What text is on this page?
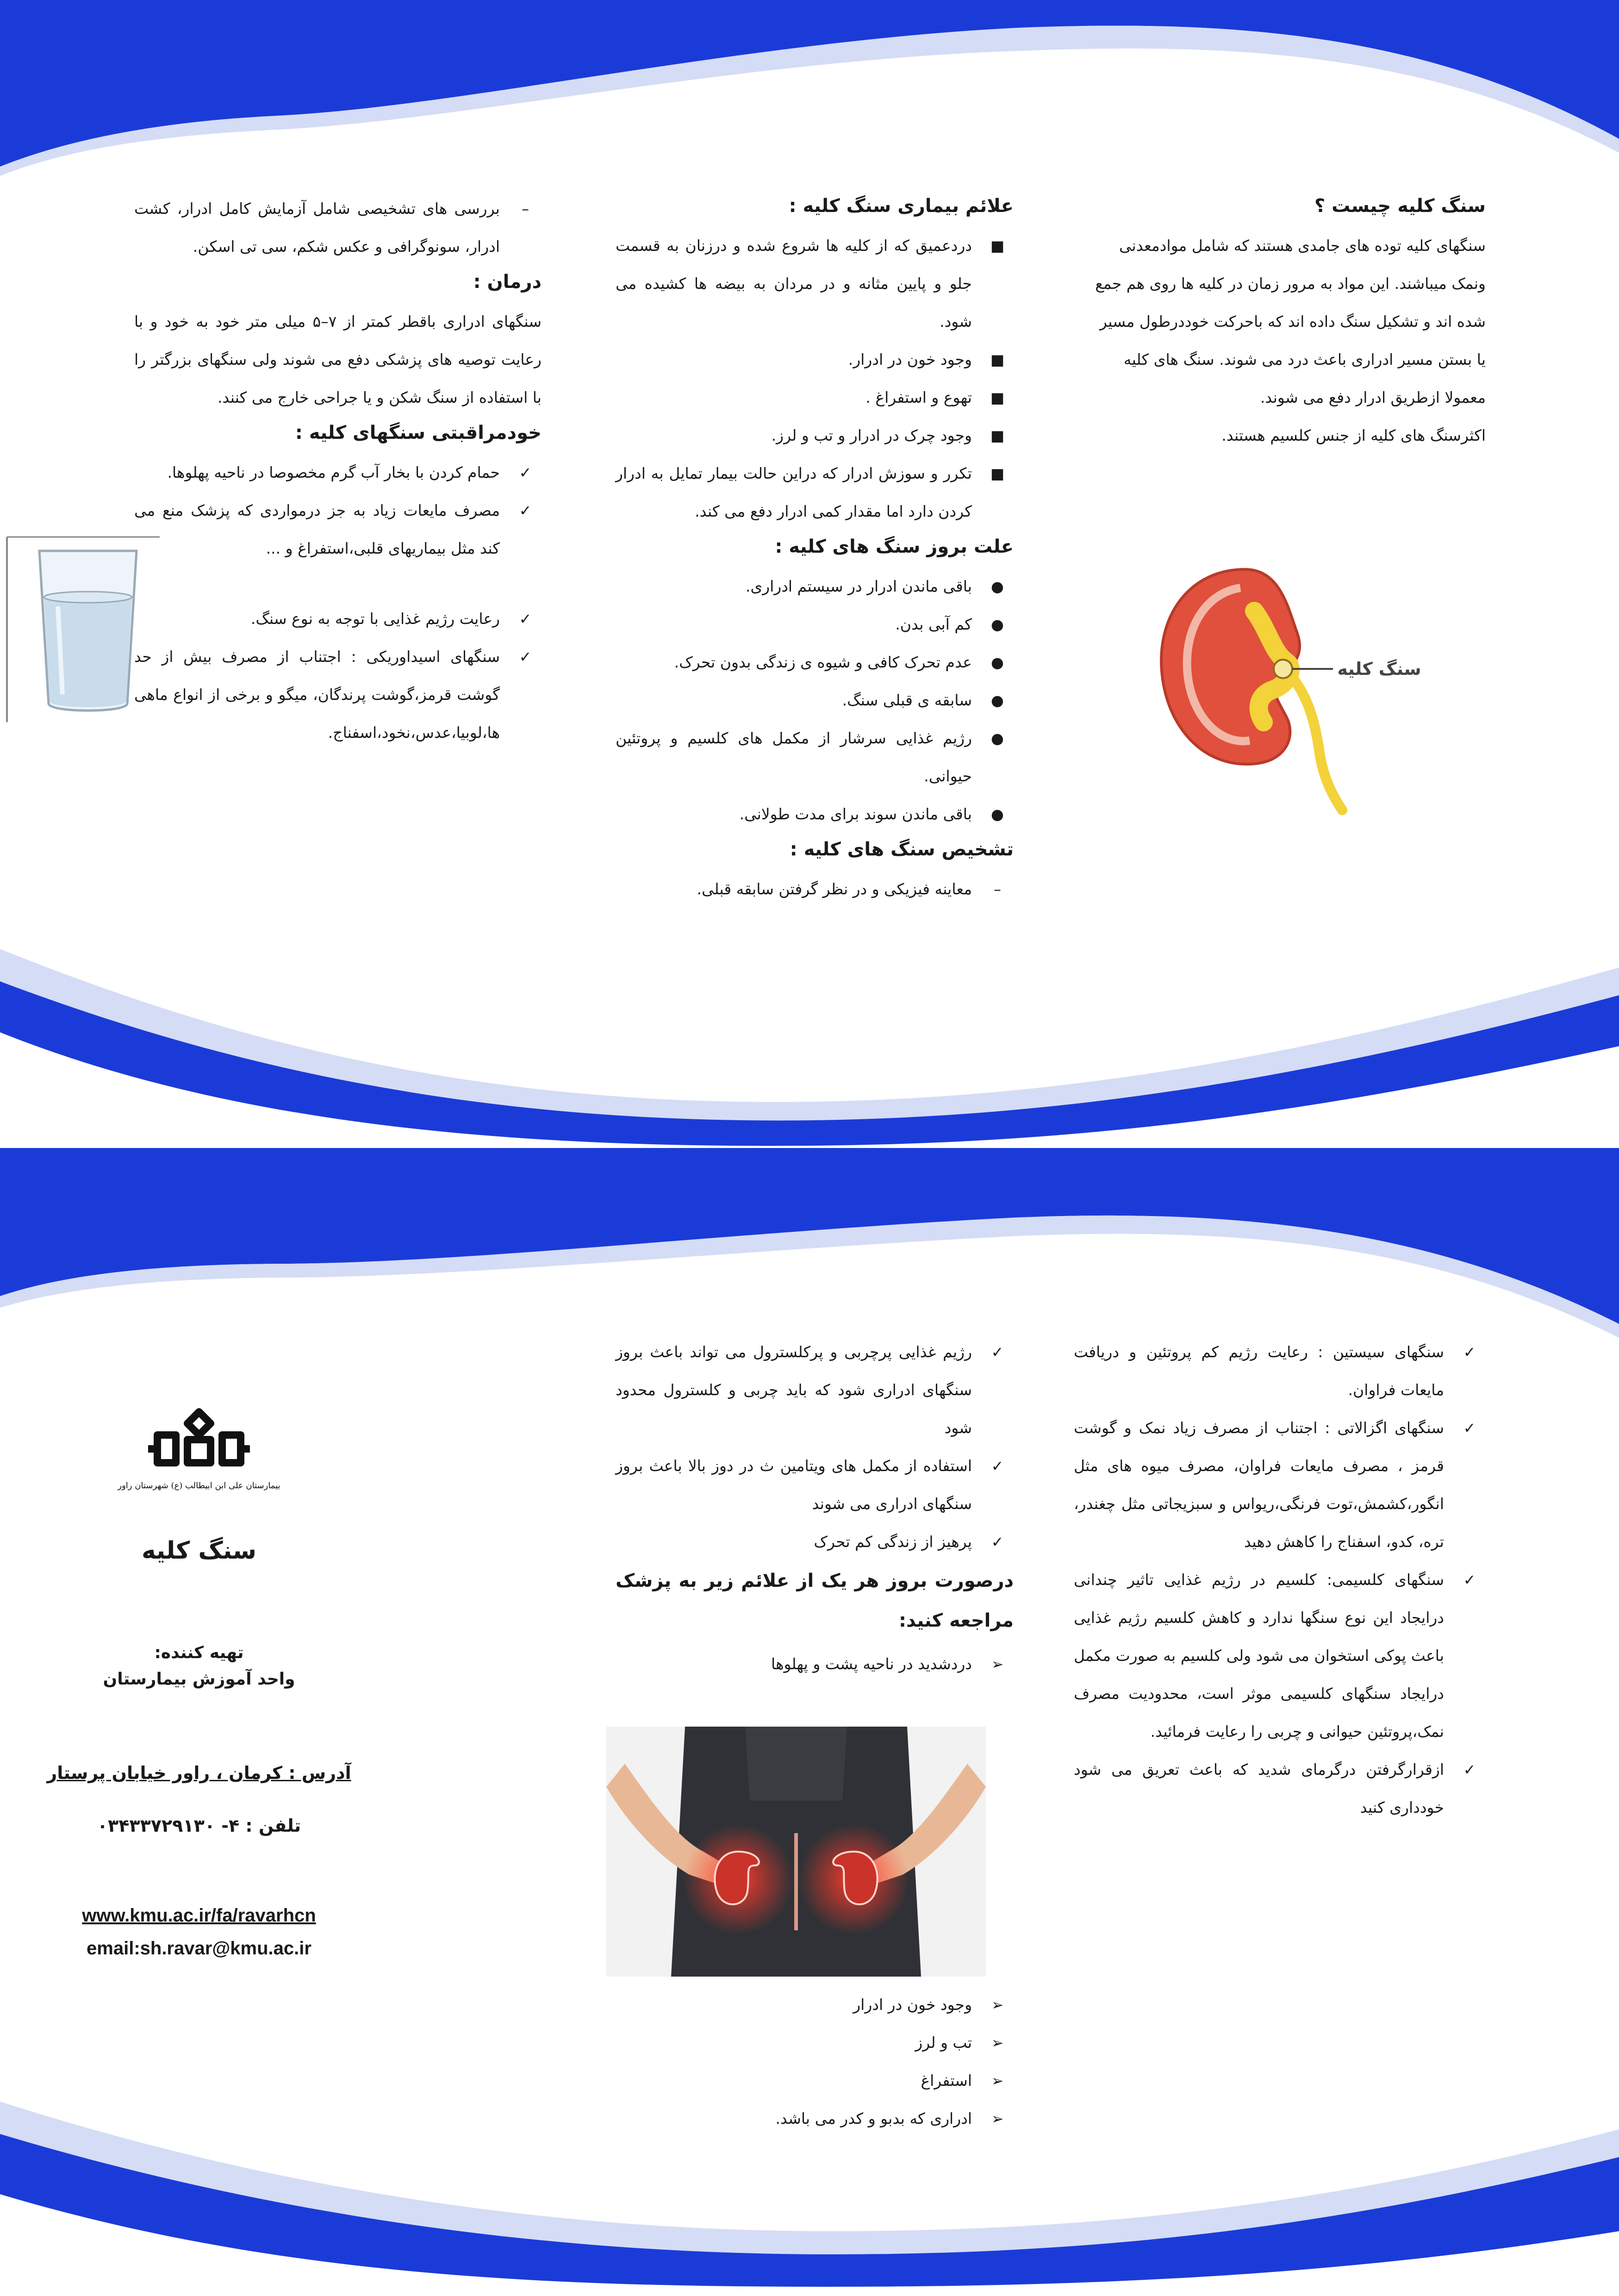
سنگ کلیه چیست ؟

سنگهای کلیه توده های جامدی هستند که شامل موادمعدنی

ونمک میباشند. این مواد به مرور زمان در کلیه ها روی هم جمع

شده اند و تشکیل سنگ داده اند که باحرکت خوددرطول مسیر

یا بستن مسیر ادراری باعث درد می شوند. سنگ های کلیه

معمولا ازطریق ادرار دفع می شوند.

اکثرسنگ های کلیه از جنس کلسیم هستند.

سنگ کلیه
علائم بیماری سنگ کلیه :
■
دردعمیق که از کلیه ها شروع شده و درزنان به قسمت جلو و پایین مثانه و در مردان به بیضه ها کشیده می شود.
■
وجود خون در ادرار.
■
تهوع و استفراغ .
■
وجود چرک در ادرار و تب و لرز.
■
تکرر و سوزش ادرار که دراین حالت بیمار تمایل به ادرار کردن دارد اما مقدار کمی ادرار دفع می کند.
علت بروز سنگ های کلیه :
●
باقی ماندن ادرار در سیستم ادراری.
●
کم آبی بدن.
●
عدم تحرک کافی و شیوه ی زندگی بدون تحرک.
●
سابقه ی قبلی سنگ.
●
رژیم غذایی سرشار از مکمل های کلسیم و پروتئین حیوانی.
●
باقی ماندن سوند برای مدت طولانی.
تشخیص سنگ های کلیه :
–
معاینه فیزیکی و در نظر گرفتن سابقه قبلی.
–
بررسی های تشخیصی شامل آزمایش کامل ادرار، کشت ادرار، سونوگرافی و عکس شکم، سی تی اسکن.
درمان :

سنگهای ادراری باقطر کمتر از ۷–۵ میلی متر خود به خود و با رعایت توصیه های پزشکی دفع می شوند ولی سنگهای بزرگتر را با استفاده از سنگ شکن و یا جراحی خارج می کنند.

خودمراقبتی سنگهای کلیه :
✓
حمام کردن با بخار آب گرم مخصوصا در ناحیه پهلوها.
✓
مصرف مایعات زیاد به جز درمواردی که پزشک منع می کند مثل بیماریهای قلبی،استفراغ و ...
✓
رعایت رژیم غذایی با توجه به نوع سنگ.
✓
سنگهای اسیداوریکی : اجتناب از مصرف بیش از حد گوشت قرمز،گوشت پرندگان، میگو و برخی از انواع ماهی ها،لوبیا،عدس،نخود،اسفناج.
✓
سنگهای سیستین : رعایت رژیم کم پروتئین و دریافت مایعات فراوان.
✓
سنگهای اگزالاتی : اجتناب از مصرف زیاد نمک و گوشت قرمز ، مصرف مایعات فراوان، مصرف میوه های مثل انگور،کشمش،توت فرنگی،ریواس و سبزیجاتی مثل چغندر، تره، کدو، اسفناج را کاهش دهید
✓
سنگهای کلسیمی: کلسیم در رژیم غذایی تاثیر چندانی درایجاد این نوع سنگها ندارد و کاهش کلسیم رژیم غذایی باعث پوکی استخوان می شود ولی کلسیم به صورت مکمل درایجاد سنگهای کلسیمی موثر است، محدودیت مصرف نمک،پروتئین حیوانی و چربی را رعایت فرمائید.
✓
ازقرارگرفتن درگرمای شدید که باعث تعریق می شود خودداری کنید
✓
رژیم غذایی پرچربی و پرکلسترول می تواند باعث بروز سنگهای ادراری شود که باید چربی و کلسترول محدود شود
✓
استفاده از مکمل های ویتامین ث در دوز بالا باعث بروز سنگهای ادراری می شوند
✓
پرهیز از زندگی کم تحرک
درصورت بروز هر یک از علائم زیر به پزشک مراجعه کنید:
➢
دردشدید در ناحیه پشت و پهلوها
➢
وجود خون در ادرار
➢
تب و لرز
➢
استفراغ
➢
ادراری که بدبو و کدر می باشد.
بیمارستان علی ابن ابیطالب (ع) شهرستان راور
سنگ کلیه
تهیه کننده:
واحد آموزش بیمارستان
آدرس : کرمان ، راور خیابان پرستار
تلفن : ۴- ۰۳۴۳۳۷۲۹۱۳۰
www.kmu.ac.ir/fa/ravarhcn
email:sh.ravar@kmu.ac.ir
